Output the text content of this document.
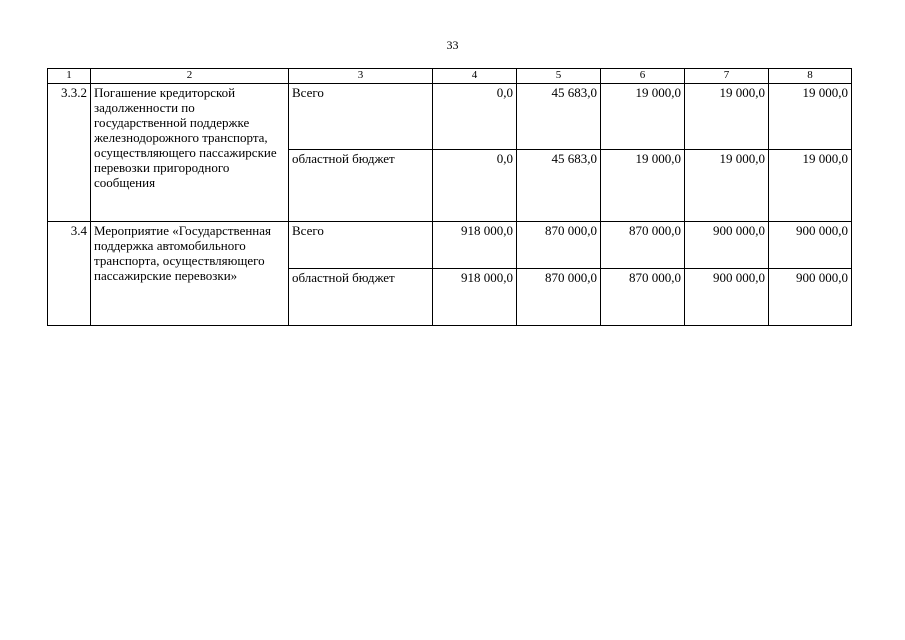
33
1	2	3	4	5	6	7	8
3.3.2	Погашение кредиторской задолженности по государственной поддержке железнодорожного транспорта, осуществляющего пассажирские перевозки пригородного сообщения	Всего	0,0	45 683,0	19 000,0	19 000,0	19 000,0
		областной бюджет	0,0	45 683,0	19 000,0	19 000,0	19 000,0
3.4	Мероприятие «Государственная поддержка автомобильного транспорта, осуществляющего пассажирские перевозки»	Всего	918 000,0	870 000,0	870 000,0	900 000,0	900 000,0
		областной бюджет	918 000,0	870 000,0	870 000,0	900 000,0	900 000,0
